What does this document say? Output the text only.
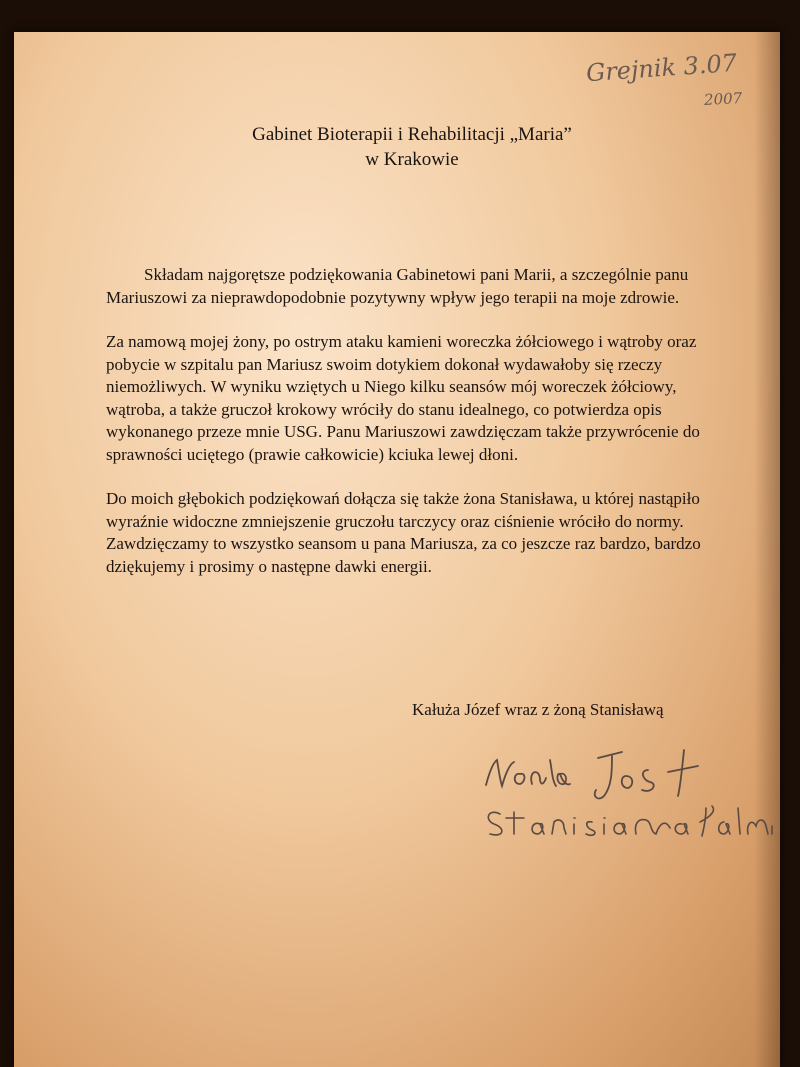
Grejnik 3.07
2007
Gabinet Bioterapii i Rehabilitacji „Maria”
w Krakowie

Składam najgorętsze podziękowania Gabinetowi pani Marii, a szczególnie panu Mariuszowi za nieprawdopodobnie pozytywny wpływ jego terapii na moje zdrowie.

Za namową mojej żony, po ostrym ataku kamieni woreczka żółciowego i wątroby oraz pobycie w szpitalu pan Mariusz swoim dotykiem dokonał wydawałoby się rzeczy niemożliwych. W wyniku wziętych u Niego kilku seansów mój woreczek żółciowy, wątroba, a także gruczoł krokowy wróciły do stanu idealnego, co potwierdza opis wykonanego przeze mnie USG. Panu Mariuszowi zawdzięczam także przywrócenie do sprawności uciętego (prawie całkowicie) kciuka lewej dłoni.

Do moich głębokich podziękowań dołącza się także żona Stanisława, u której nastąpiło wyraźnie widoczne zmniejszenie gruczołu tarczycy oraz ciśnienie wróciło do normy.

Zawdzięczamy to wszystko seansom u pana Mariusza, za co jeszcze raz bardzo, bardzo dziękujemy i prosimy o następne dawki energii.

Kałuża Józef wraz z żoną Stanisławą
